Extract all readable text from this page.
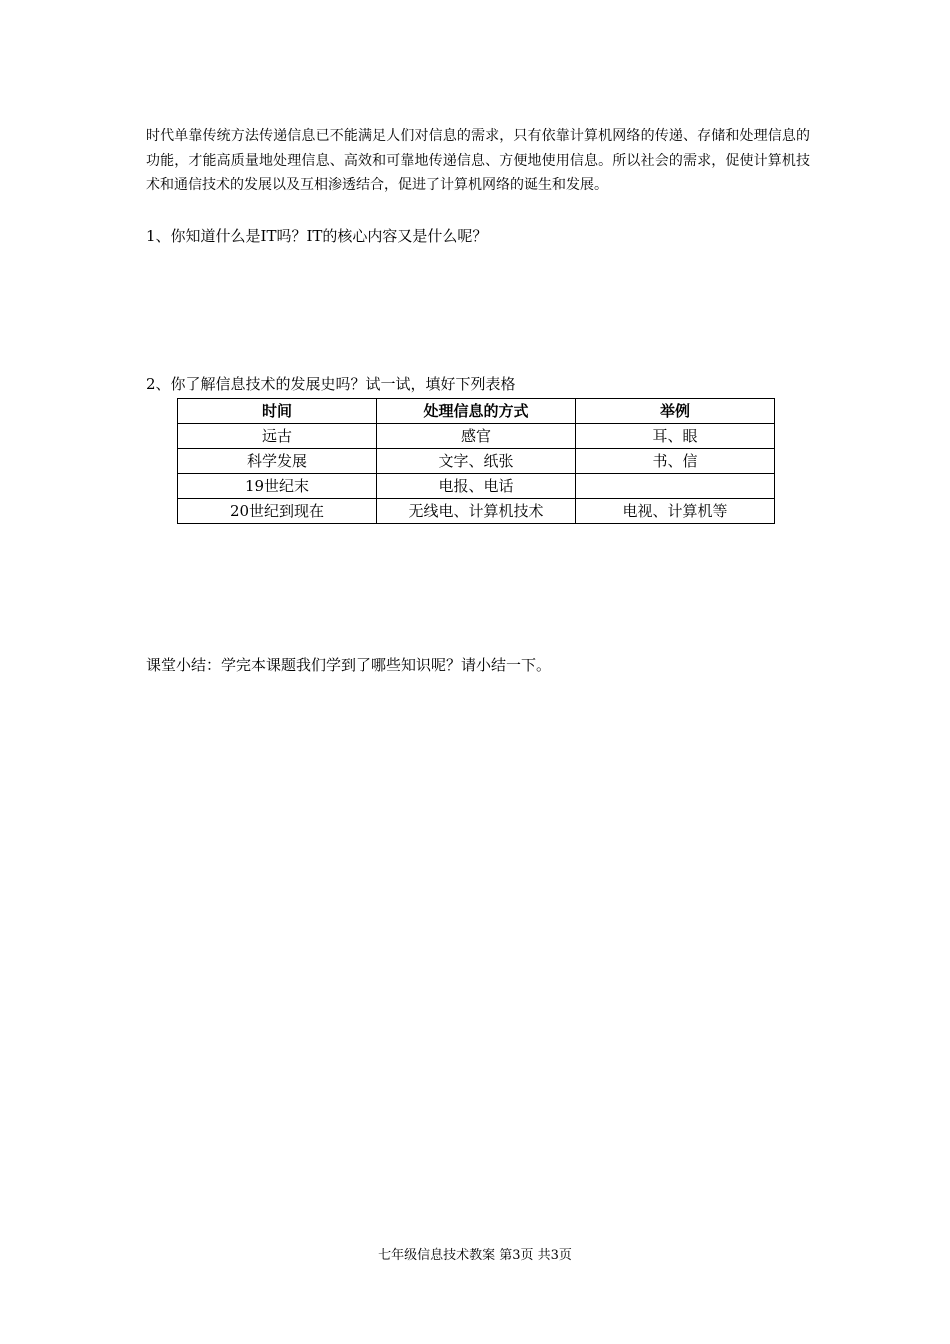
时代单靠传统方法传递信息已不能满足人们对信息的需求，只有依靠计算机网络的传递、存储和处理信息的功能，才能高质量地处理信息、高效和可靠地传递信息、方便地使用信息。所以社会的需求，促使计算机技术和通信技术的发展以及互相渗透结合，促进了计算机网络的诞生和发展。

1、你知道什么是IT吗？IT的核心内容又是什么呢？

2、你了解信息技术的发展史吗？试一试，填好下列表格

时间	处理信息的方式	举例
远古	感官	耳、眼
科学发展	文字、纸张	书、信
19世纪末	电报、电话	
20世纪到现在	无线电、计算机技术	电视、计算机等

课堂小结：学完本课题我们学到了哪些知识呢？请小结一下。

七年级信息技术教案 第3页 共3页
